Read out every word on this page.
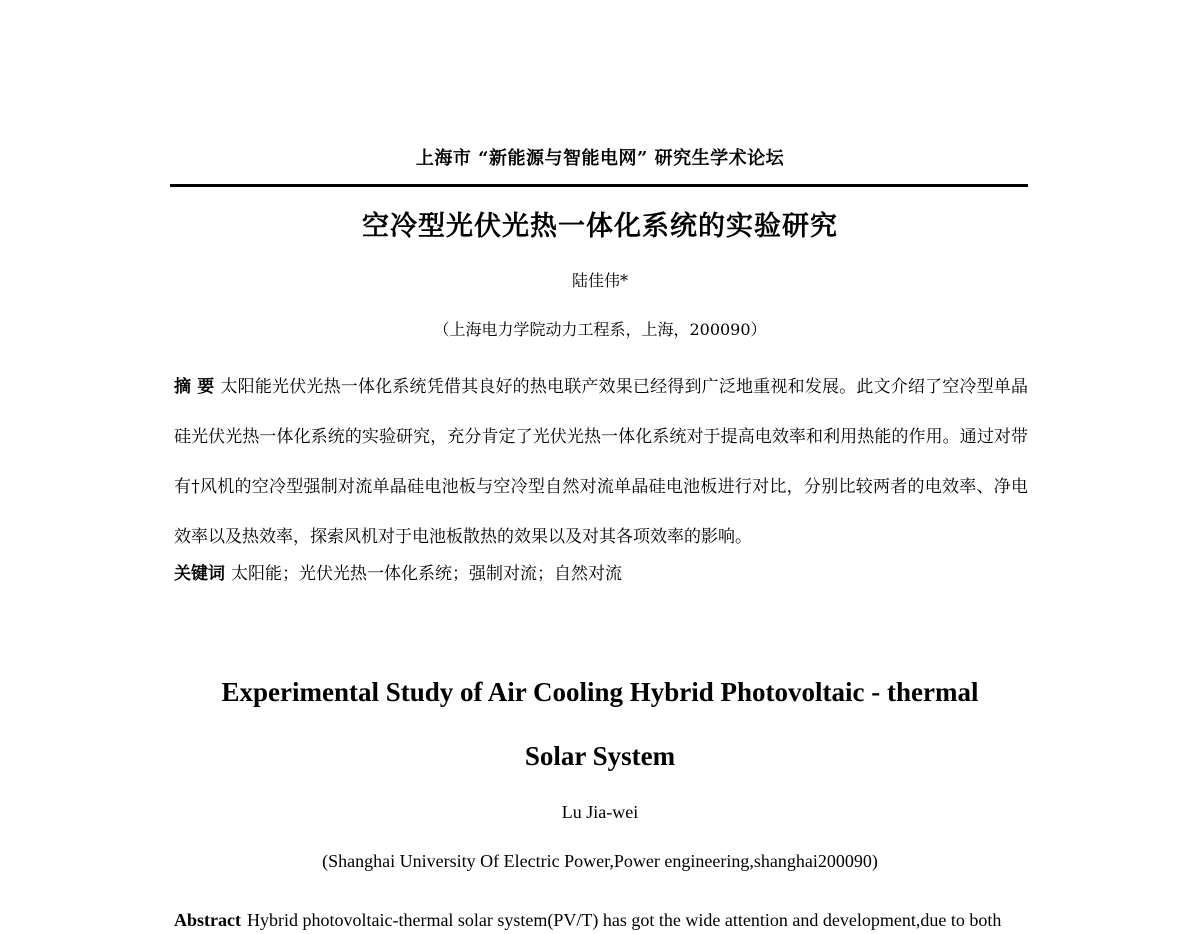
上海市 “新能源与智能电网” 研究生学术论坛
空冷型光伏光热一体化系统的实验研究
陆佳伟*
（上海电力学院动力工程系，上海，200090）
摘 要 太阳能光伏光热一体化系统凭借其良好的热电联产效果已经得到广泛地重视和发展。此文介绍了空冷型单晶硅光伏光热一体化系统的实验研究，充分肯定了光伏光热一体化系统对于提高电效率和利用热能的作用。通过对带有†风机的空冷型强制对流单晶硅电池板与空冷型自然对流单晶硅电池板进行对比，分别比较两者的电效率、净电效率以及热效率，探索风机对于电池板散热的效果以及对其各项效率的影响。
关键词 太阳能；光伏光热一体化系统；强制对流；自然对流
Experimental Study of Air Cooling Hybrid Photovoltaic - thermal
Solar System
Lu Jia-wei
(Shanghai University Of Electric Power,Power engineering,shanghai200090)
Abstract Hybrid photovoltaic-thermal solar system(PV/T) has got the wide attention and development,due to both
